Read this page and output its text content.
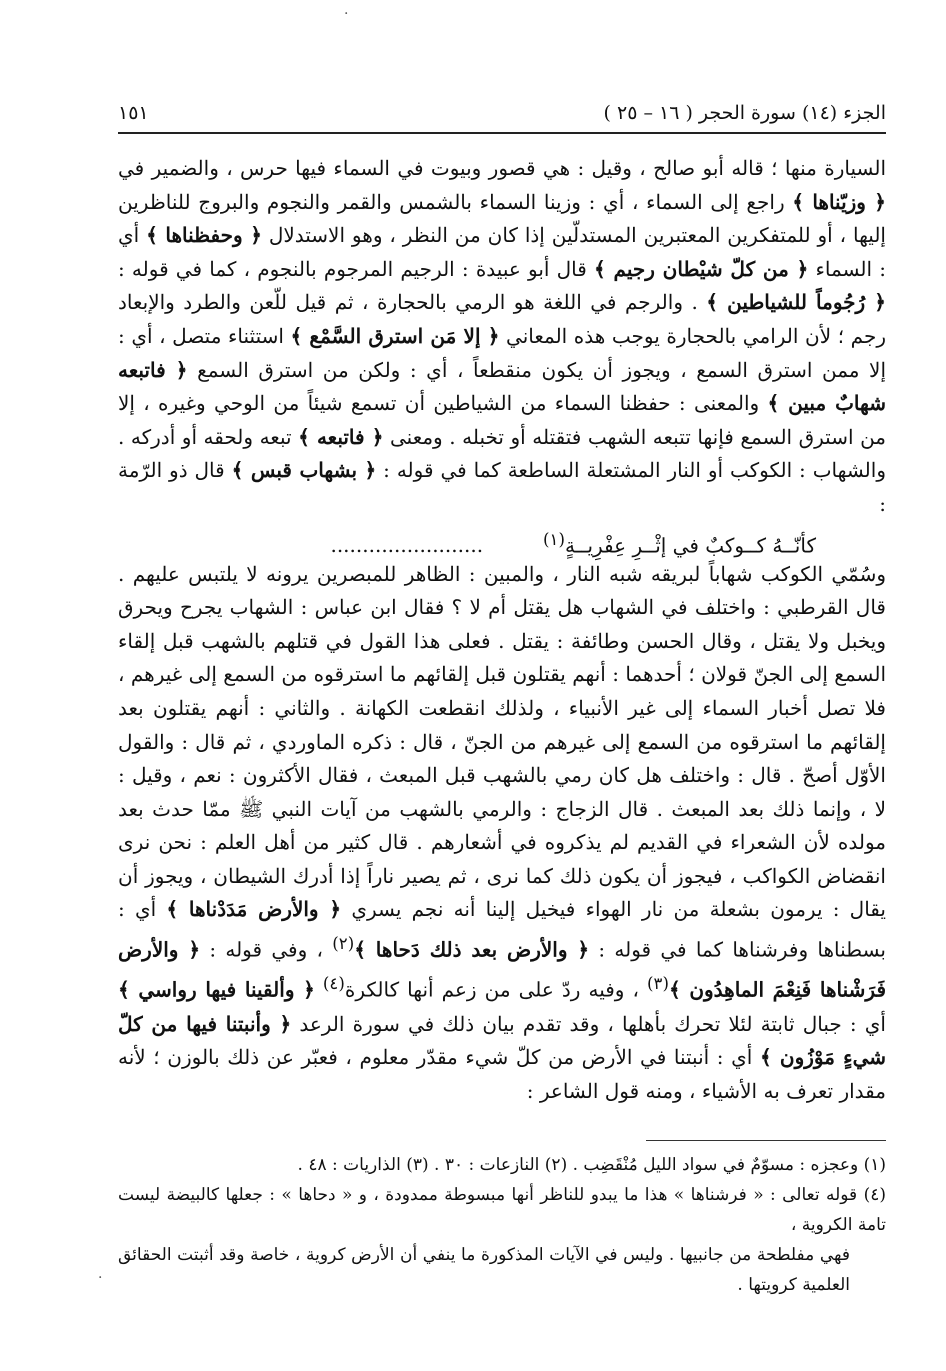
·
الجزء (١٤) سورة الحجر ( ١٦ – ٢٥ )
١٥١

السيارة منها ؛ قاله أبو صالح ، وقيل : هي قصور وبيوت في السماء فيها حرس ، والضمير في ﴿ وزيّناها ﴾ راجع إلى السماء ، أي : وزينا السماء بالشمس والقمر والنجوم والبروج للناظرين إليها ، أو للمتفكرين المعتبرين المستدلّين إذا كان من النظر ، وهو الاستدلال ﴿ وحفظناها ﴾ أي : السماء ﴿ من كلّ شيْطان رجيم ﴾ قال أبو عبيدة : الرجيم المرجوم بالنجوم ، كما في قوله : ﴿ رُجُوماً للشياطين ﴾ . والرجم في اللغة هو الرمي بالحجارة ، ثم قيل للّعن والطرد والإبعاد رجم ؛ لأن الرامي بالحجارة يوجب هذه المعاني ﴿ إلا مَن استرق السَّمْع ﴾ استثناء متصل ، أي : إلا ممن استرق السمع ، ويجوز أن يكون منقطعاً ، أي : ولكن من استرق السمع ﴿ فاتبعه شهابٌ مبين ﴾ والمعنى : حفظنا السماء من الشياطين أن تسمع شيئاً من الوحي وغيره ، إلا من استرق السمع فإنها تتبعه الشهب فتقتله أو تخبله . ومعنى ﴿ فاتبعه ﴾ تبعه ولحقه أو أدركه . والشهاب : الكوكب أو النار المشتعلة الساطعة كما في قوله : ﴿ بشهاب قبس ﴾ قال ذو الرّمة :

كأنّــهُ كــوكبٌ في إثْــرِ عِفْرِيــةٍ$^{(١)}$........................

وسُمّي الكوكب شهاباً لبريقه شبه النار ، والمبين : الظاهر للمبصرين يرونه لا يلتبس عليهم . قال القرطبي : واختلف في الشهاب هل يقتل أم لا ؟ فقال ابن عباس : الشهاب يجرح ويحرق ويخبل ولا يقتل ، وقال الحسن وطائفة : يقتل . فعلى هذا القول في قتلهم بالشهب قبل إلقاء السمع إلى الجنّ قولان ؛ أحدهما : أنهم يقتلون قبل إلقائهم ما استرقوه من السمع إلى غيرهم ، فلا تصل أخبار السماء إلى غير الأنبياء ، ولذلك انقطعت الكهانة . والثاني : أنهم يقتلون بعد إلقائهم ما استرقوه من السمع إلى غيرهم من الجنّ ، قال : ذكره الماوردي ، ثم قال : والقول الأوّل أصحّ . قال : واختلف هل كان رمي بالشهب قبل المبعث ، فقال الأكثرون : نعم ، وقيل : لا ، وإنما ذلك بعد المبعث . قال الزجاج : والرمي بالشهب من آيات النبي ﷺ ممّا حدث بعد مولده لأن الشعراء في القديم لم يذكروه في أشعارهم . قال كثير من أهل العلم : نحن نرى انقضاض الكواكب ، فيجوز أن يكون ذلك كما نرى ، ثم يصير ناراً إذا أدرك الشيطان ، ويجوز أن يقال : يرمون بشعلة من نار الهواء فيخيل إلينا أنه نجم يسري ﴿ والأرض مَدَدْناها ﴾ أي : بسطناها وفرشناها كما في قوله : ﴿ والأرض بعد ذلك دَحاها ﴾$^{(٢)}$ ، وفي قوله : ﴿ والأرض فَرَشْناها فَنِعْمَ الماهِدُون ﴾$^{(٣)}$ ، وفيه ردّ على من زعم أنها كالكرة$^{(٤)}$ ﴿ وألقينا فيها رواسي ﴾ أي : جبال ثابتة لئلا تحرك بأهلها ، وقد تقدم بيان ذلك في سورة الرعد ﴿ وأنبتنا فيها من كلّ شيءٍ مَوْزُون ﴾ أي : أنبتنا في الأرض من كلّ شيء مقدّر معلوم ، فعبّر عن ذلك بالوزن ؛ لأنه مقدار تعرف به الأشياء ، ومنه قول الشاعر :

(١) وعجزه : مسوّمٌ في سواد الليل مُنْقَضِب . (٢) النازعات : ٣٠ . (٣) الذاريات : ٤٨ .

(٤) قوله تعالى : « فرشناها » هذا ما يبدو للناظر أنها مبسوطة ممدودة ، و « دحاها » : جعلها كالبيضة ليست تامة الكروية ،

فهي مفلطحة من جانبيها . وليس في الآيات المذكورة ما ينفي أن الأرض كروية ، خاصة وقد أثبتت الحقائق العلمية كرويتها .

·
